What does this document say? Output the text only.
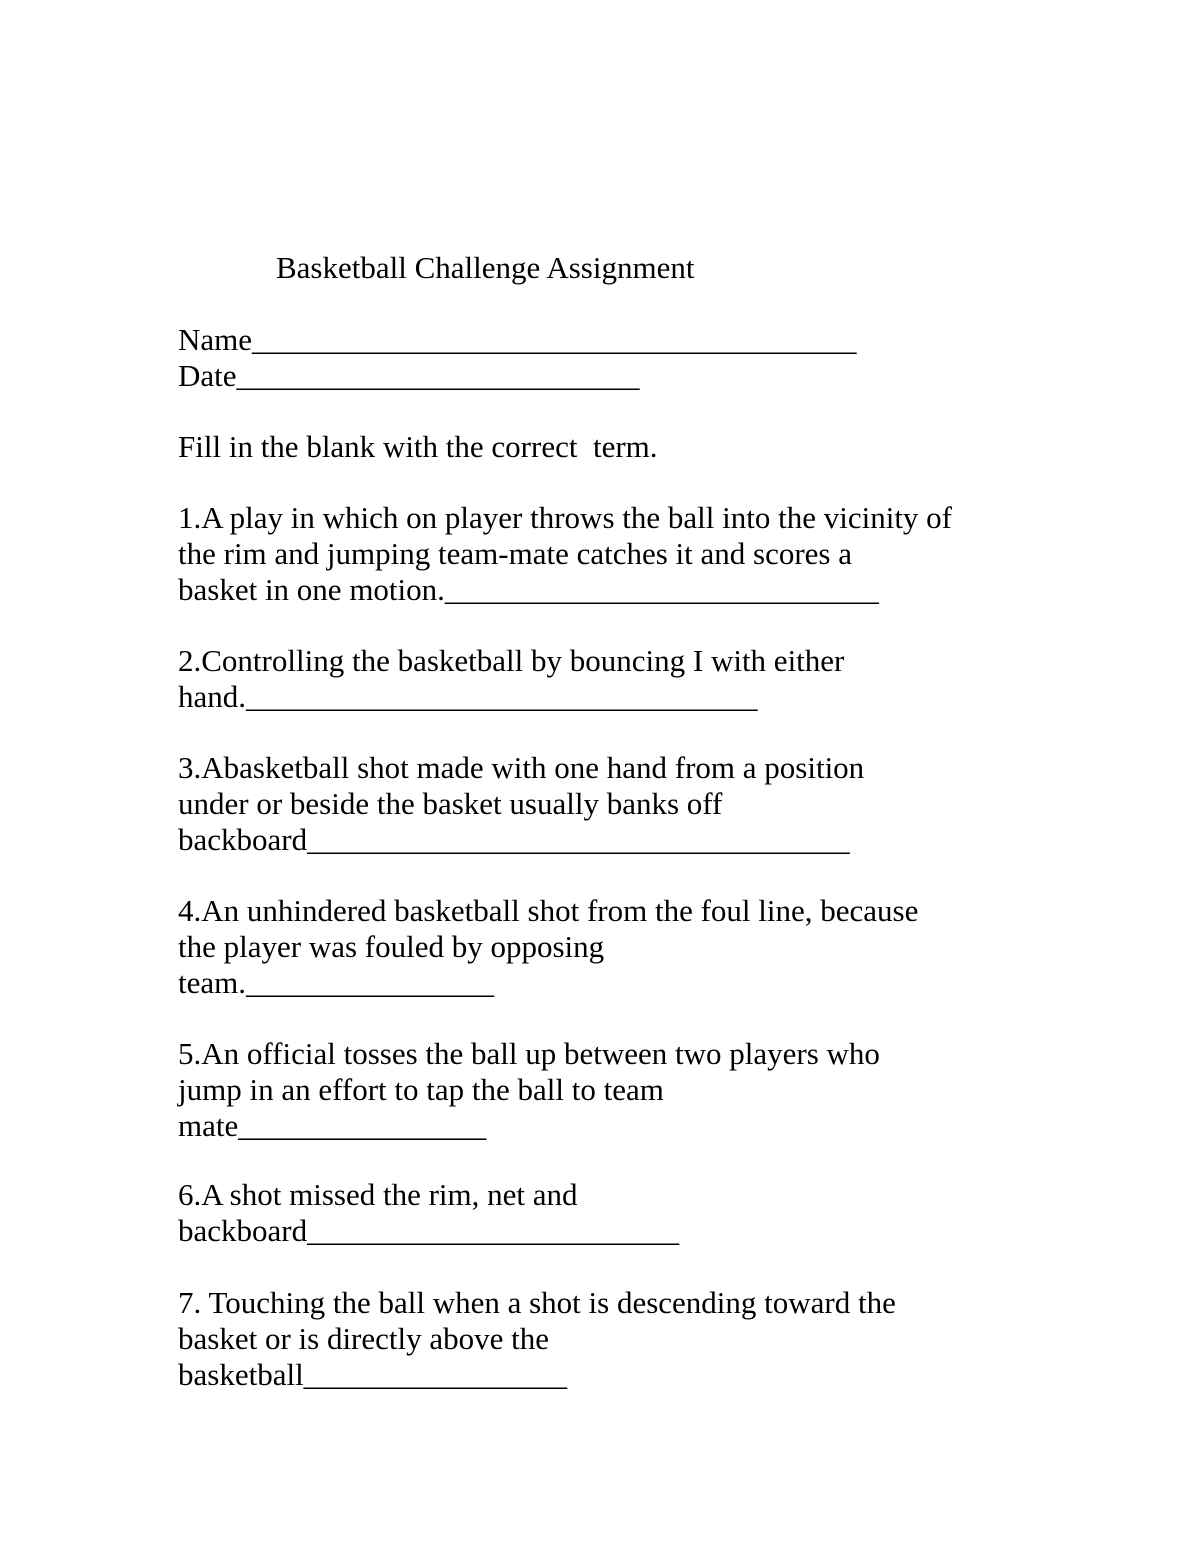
Basketball Challenge Assignment
Name_______________________________________
Date__________________________
Fill in the blank with the correct  term.
1.A play in which on player throws the ball into the vicinity of
the rim and jumping team-mate catches it and scores a
basket in one motion.____________________________
2.Controlling the basketball by bouncing I with either
hand._________________________________
3.Abasketball shot made with one hand from a position
under or beside the basket usually banks off
backboard___________________________________
4.An unhindered basketball shot from the foul line, because
the player was fouled by opposing
team.________________
5.An official tosses the ball up between two players who
jump in an effort to tap the ball to team
mate________________
6.A shot missed the rim, net and
backboard________________________
7. Touching the ball when a shot is descending toward the
basket or is directly above the
basketball_________________
